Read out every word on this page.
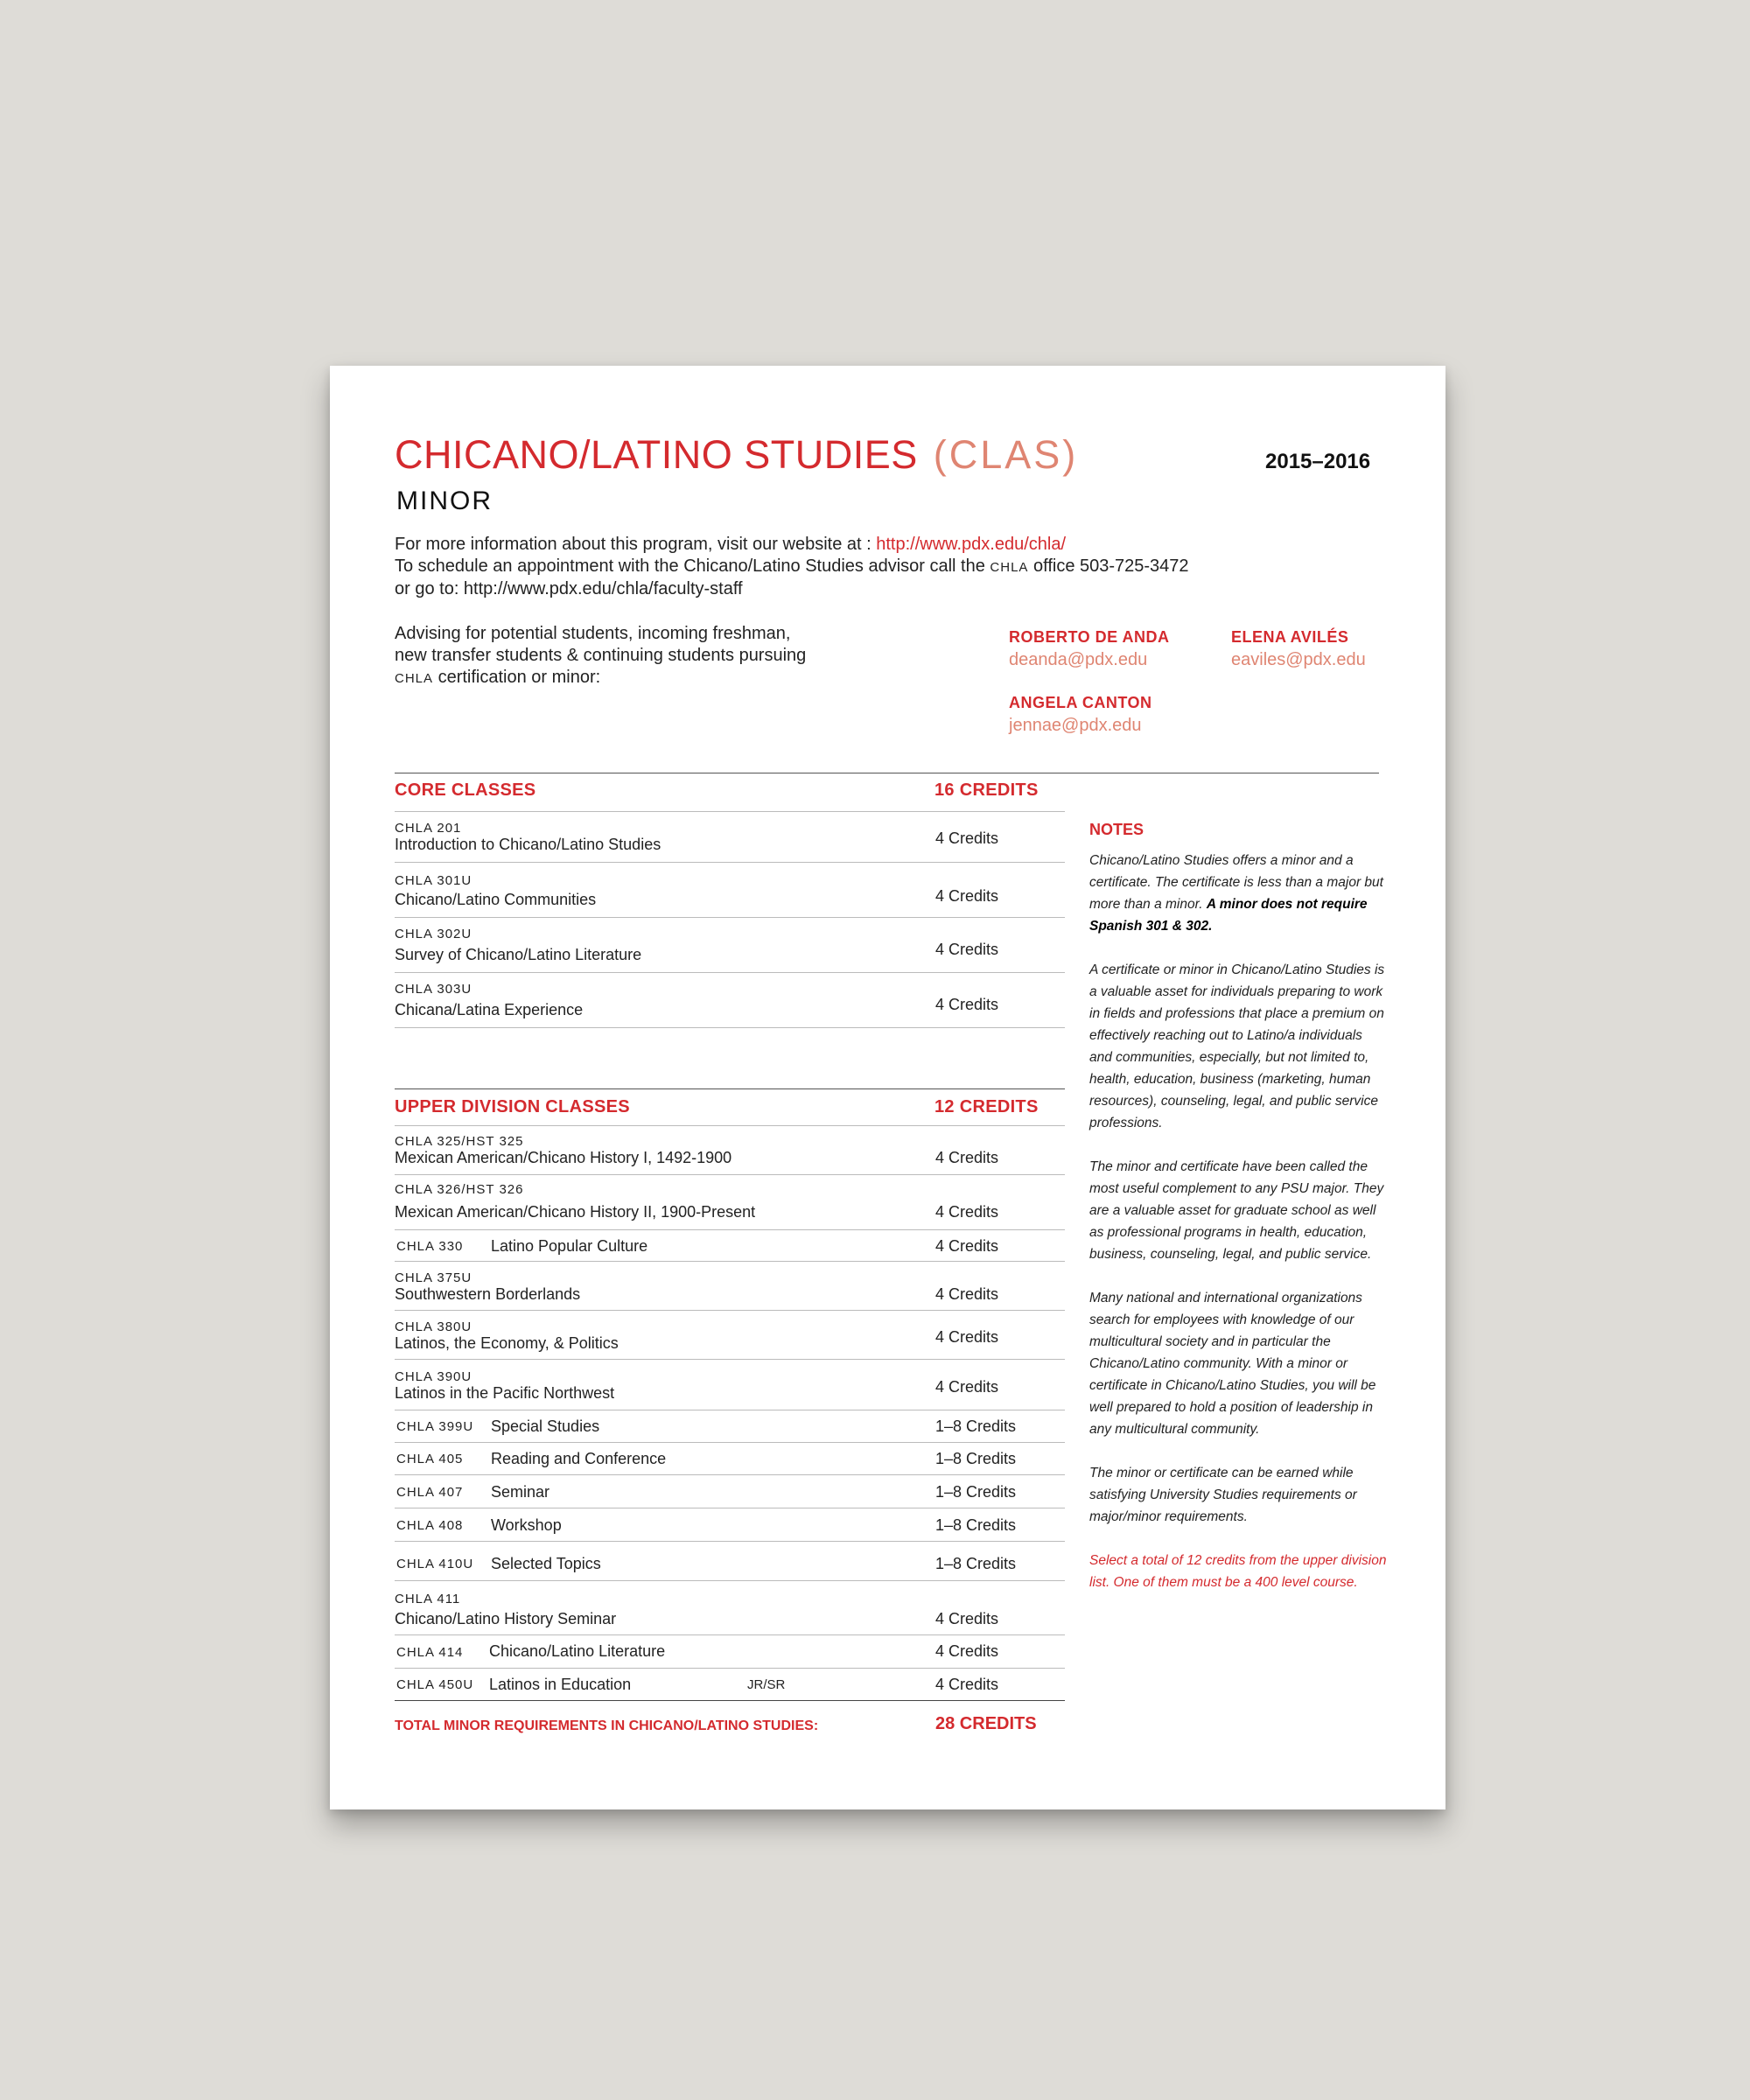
CHICANO/LATINO STUDIES (CLAS)	2015–2016
MINOR
For more information about this program, visit our website at : http://www.pdx.edu/chla/
To schedule an appointment with the Chicano/Latino Studies advisor call the CHLA office 503-725-3472
or go to: http://www.pdx.edu/chla/faculty-staff
Advising for potential students, incoming freshman,
new transfer students & continuing students pursuing
CHLA certification or minor:
ROBERTO DE ANDA
deanda@pdx.edu
ELENA AVILÉS
eaviles@pdx.edu
ANGELA CANTON
jennae@pdx.edu
CORE CLASSES	16 CREDITS
CHLA 201
Introduction to Chicano/Latino Studies	4 Credits
CHLA 301U
Chicano/Latino Communities	4 Credits
CHLA 302U
Survey of Chicano/Latino Literature	4 Credits
CHLA 303U
Chicana/Latina Experience	4 Credits
UPPER DIVISION CLASSES	12 CREDITS
CHLA 325/HST 325
Mexican American/Chicano History I, 1492-1900	4 Credits
CHLA 326/HST 326
Mexican American/Chicano History II, 1900-Present	4 Credits
CHLA 330 Latino Popular Culture	4 Credits
CHLA 375U
Southwestern Borderlands	4 Credits
CHLA 380U
Latinos, the Economy, & Politics	4 Credits
CHLA 390U
Latinos in the Pacific Northwest	4 Credits
CHLA 399U Special Studies	1–8 Credits
CHLA 405 Reading and Conference	1–8 Credits
CHLA 407 Seminar	1–8 Credits
CHLA 408 Workshop	1–8 Credits
CHLA 410U Selected Topics	1–8 Credits
CHLA 411
Chicano/Latino History Seminar	4 Credits
CHLA 414 Chicano/Latino Literature	4 Credits
CHLA 450U Latinos in Education	JR/SR	4 Credits
TOTAL MINOR REQUIREMENTS IN CHICANO/LATINO STUDIES:	28 CREDITS
NOTES

Chicano/Latino Studies offers a minor and a certificate. The certificate is less than a major but more than a minor. A minor does not require Spanish 301 & 302.

A certificate or minor in Chicano/Latino Studies is a valuable asset for individuals preparing to work in fields and professions that place a premium on effectively reaching out to Latino/a individuals and communities, especially, but not limited to, health, education, business (marketing, human resources), counseling, legal, and public service professions.

The minor and certificate have been called the most useful complement to any PSU major. They are a valuable asset for graduate school as well as professional programs in health, education, business, counseling, legal, and public service.

Many national and international organizations search for employees with knowledge of our multicultural society and in particular the Chicano/Latino community. With a minor or certificate in Chicano/Latino Studies, you will be well prepared to hold a position of leadership in any multicultural community.

The minor or certificate can be earned while satisfying University Studies requirements or major/minor requirements.

Select a total of 12 credits from the upper division list. One of them must be a 400 level course.
